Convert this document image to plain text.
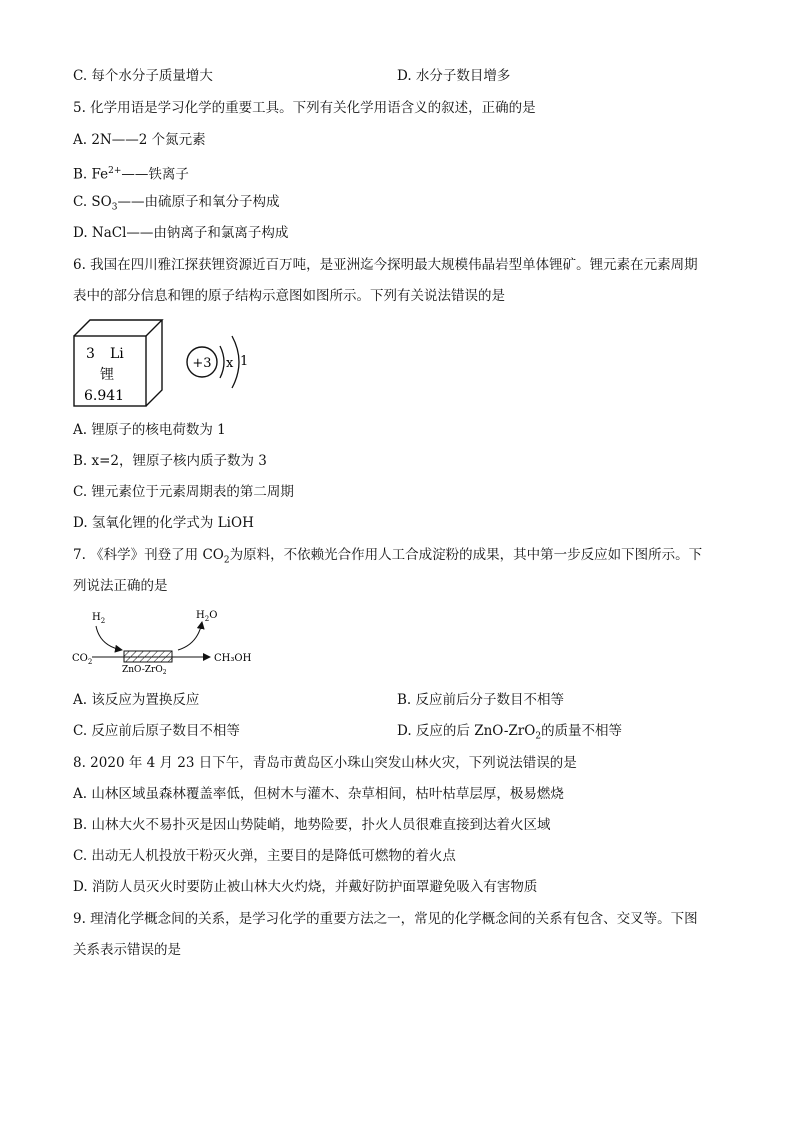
C. 每个水分子质量增大	D. 水分子数目增多
5. 化学用语是学习化学的重要工具。下列有关化学用语含义的叙述，正确的是
A. 2N——2 个氮元素
B. $Fe^{2+}——$铁离子
C. $SO_3——$由硫原子和氧分子构成
D. NaCl——由钠离子和氯离子构成
6. 我国在四川雅江探获锂资源近百万吨，是亚洲迄今探明最大规模伟晶岩型单体锂矿。锂元素在元素周期
表中的部分信息和锂的原子结构示意图如图所示。下列有关说法错误的是
3 Li
锂
6.941
+3 x 1
A. 锂原子的核电荷数为 1
B. x=2，锂原子核内质子数为 3
C. 锂元素位于元素周期表的第二周期
D. 氢氧化锂的化学式为 LiOH
7. 《科学》刊登了用 $CO_2$为原料，不依赖光合作用人工合成淀粉的成果，其中第一步反应如下图所示。下
列说法正确的是
$H_2$	$H_2O$
$CO_2$	CH₃OH
ZnO-ZrO$_2$
A. 该反应为置换反应	B. 反应前后分子数目不相等
C. 反应前后原子数目不相等	D. 反应的后 ZnO-ZrO$_2$的质量不相等
8. 2020 年 4 月 23 日下午，青岛市黄岛区小珠山突发山林火灾，下列说法错误的是
A. 山林区域虽森林覆盖率低，但树木与灌木、杂草相间，枯叶枯草层厚，极易燃烧
B. 山林大火不易扑灭是因山势陡峭，地势险要，扑火人员很难直接到达着火区域
C. 出动无人机投放干粉灭火弹，主要目的是降低可燃物的着火点
D. 消防人员灭火时要防止被山林大火灼烧，并戴好防护面罩避免吸入有害物质
9. 理清化学概念间的关系，是学习化学的重要方法之一，常见的化学概念间的关系有包含、交叉等。下图
关系表示错误的是
